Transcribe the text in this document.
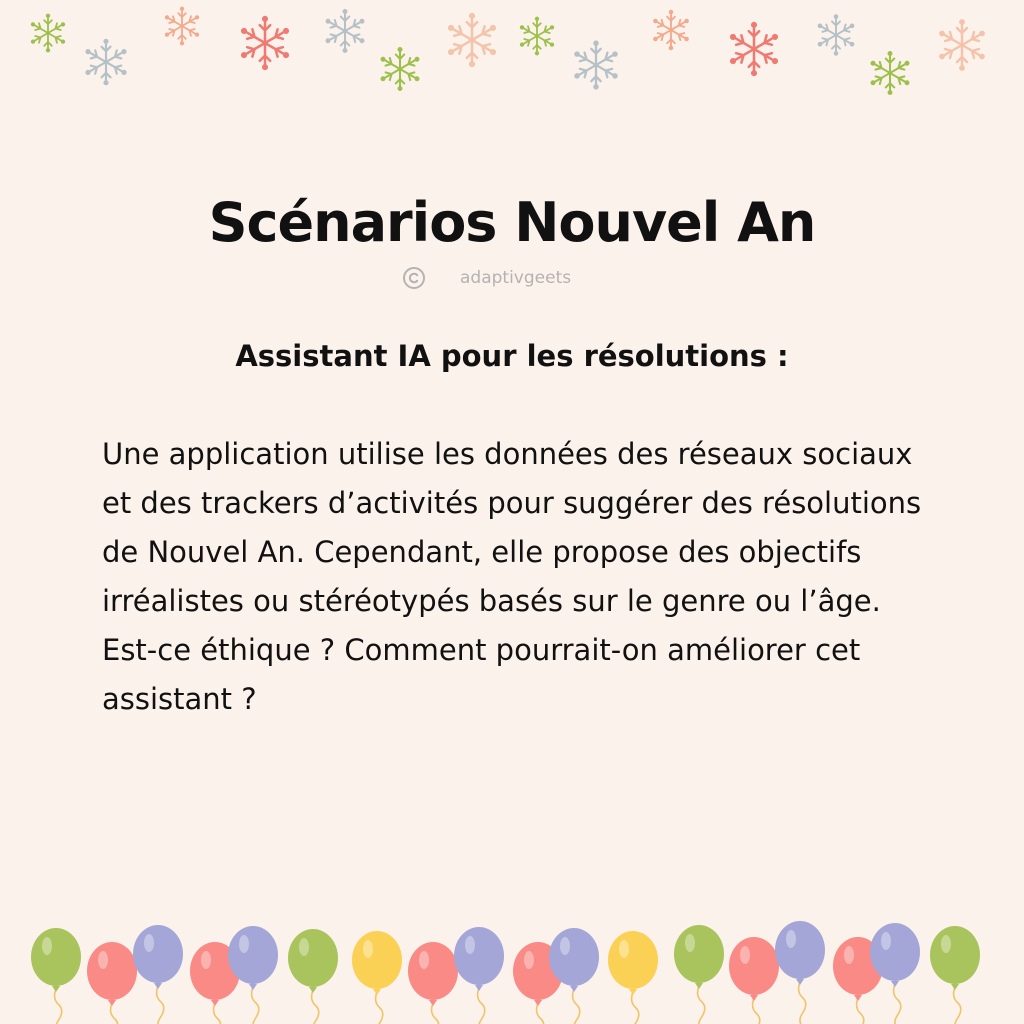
Scénarios Nouvel An
adaptivgeets
Assistant IA pour les résolutions :

Une application utilise les données des réseaux sociaux et des trackers d’activités pour suggérer des résolutions de Nouvel An. Cependant, elle propose des objectifs irréalistes ou stéréotypés basés sur le genre ou l’âge. Est-ce éthique ? Comment pourrait-on améliorer cet assistant ?
